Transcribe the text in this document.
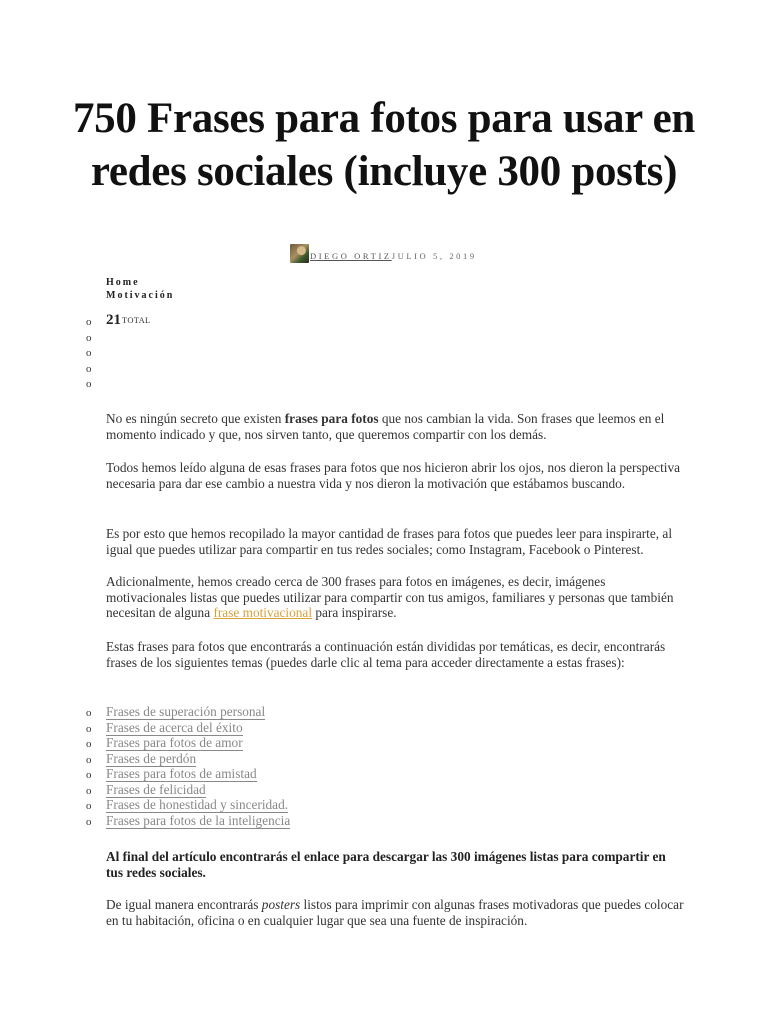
750 Frases para fotos para usar en redes sociales (incluye 300 posts)
DIEGO ORTIZ JULIO 5, 2019
Home
Motivación
o
o
o
o
o
21 TOTAL

No es ningún secreto que existen frases para fotos que nos cambian la vida. Son frases que leemos en el momento indicado y que, nos sirven tanto, que queremos compartir con los demás.

Todos hemos leído alguna de esas frases para fotos que nos hicieron abrir los ojos, nos dieron la perspectiva necesaria para dar ese cambio a nuestra vida y nos dieron la motivación que estábamos buscando.

Es por esto que hemos recopilado la mayor cantidad de frases para fotos que puedes leer para inspirarte, al igual que puedes utilizar para compartir en tus redes sociales; como Instagram, Facebook o Pinterest.

Adicionalmente, hemos creado cerca de 300 frases para fotos en imágenes, es decir, imágenes motivacionales listas que puedes utilizar para compartir con tus amigos, familiares y personas que también necesitan de alguna frase motivacional para inspirarse.

Estas frases para fotos que encontrarás a continuación están divididas por temáticas, es decir, encontrarás frases de los siguientes temas (puedes darle clic al tema para acceder directamente a estas frases):

o Frases de superación personal
o Frases de acerca del éxito
o Frases para fotos de amor
o Frases de perdón
o Frases para fotos de amistad
o Frases de felicidad
o Frases de honestidad y sinceridad.
o Frases para fotos de la inteligencia

Al final del artículo encontrarás el enlace para descargar las 300 imágenes listas para compartir en tus redes sociales.

De igual manera encontrarás posters listos para imprimir con algunas frases motivadoras que puedes colocar en tu habitación, oficina o en cualquier lugar que sea una fuente de inspiración.
